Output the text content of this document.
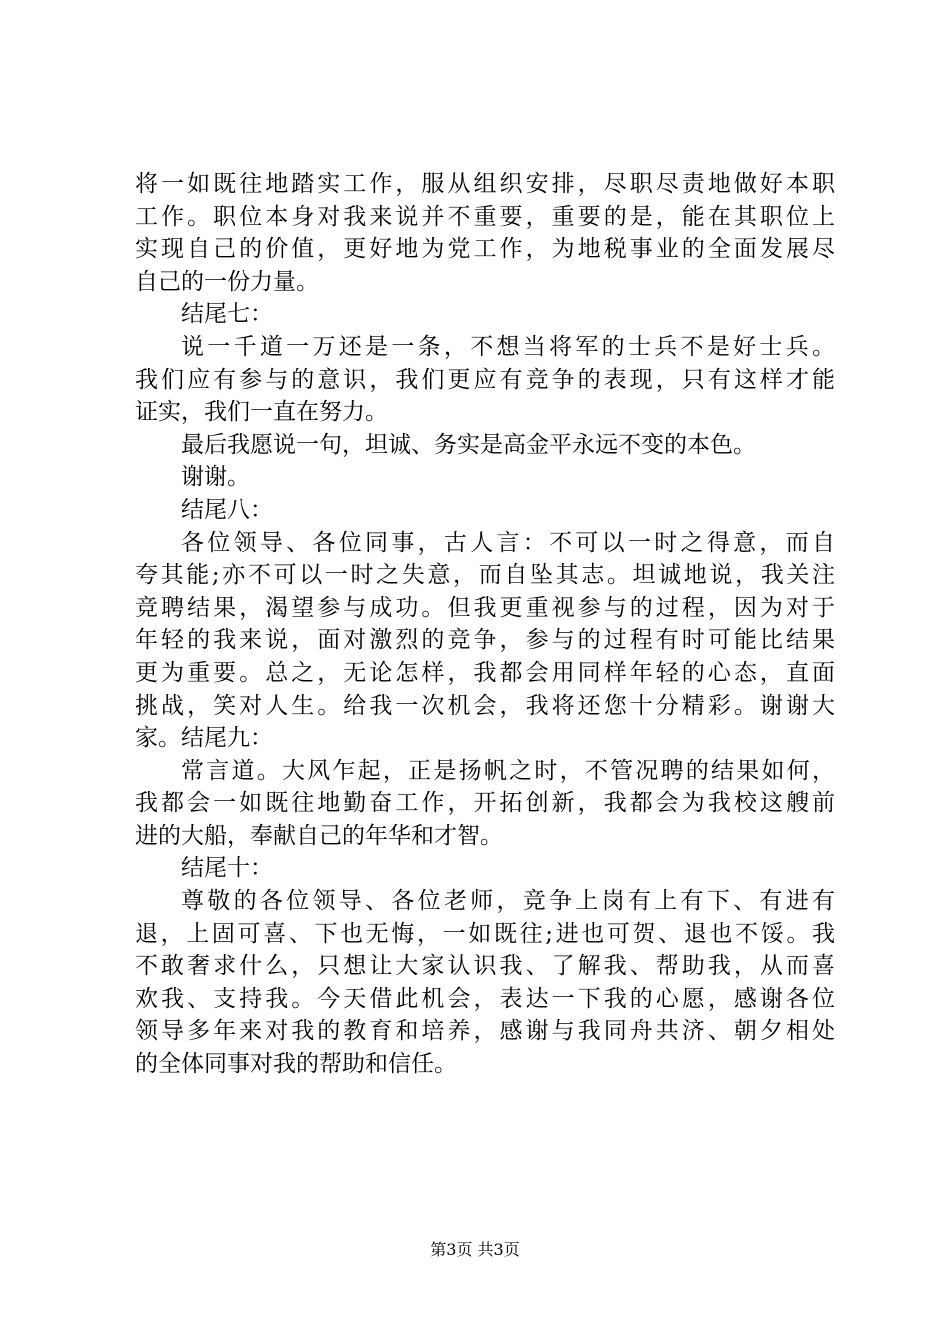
将一如既往地踏实工作，服从组织安排，尽职尽责地做好本职
工作。职位本身对我来说并不重要，重要的是，能在其职位上
实现自己的价值，更好地为党工作，为地税事业的全面发展尽
自己的一份力量。
结尾七：
说一千道一万还是一条，不想当将军的士兵不是好士兵。
我们应有参与的意识，我们更应有竞争的表现，只有这样才能
证实，我们一直在努力。
最后我愿说一句，坦诚、务实是高金平永远不变的本色。
谢谢。
结尾八：
各位领导、各位同事，古人言：不可以一时之得意，而自
夸其能;亦不可以一时之失意，而自坠其志。坦诚地说，我关注
竞聘结果，渴望参与成功。但我更重视参与的过程，因为对于
年轻的我来说，面对激烈的竞争，参与的过程有时可能比结果
更为重要。总之，无论怎样，我都会用同样年轻的心态，直面
挑战，笑对人生。给我一次机会，我将还您十分精彩。谢谢大
家。结尾九：
常言道。大风乍起，正是扬帆之时，不管况聘的结果如何，
我都会一如既往地勤奋工作，开拓创新，我都会为我校这艘前
进的大船，奉献自己的年华和才智。
结尾十：
尊敬的各位领导、各位老师，竞争上岗有上有下、有进有
退，上固可喜、下也无悔，一如既往;进也可贺、退也不馁。我
不敢奢求什么，只想让大家认识我、了解我、帮助我，从而喜
欢我、支持我。今天借此机会，表达一下我的心愿，感谢各位
领导多年来对我的教育和培养，感谢与我同舟共济、朝夕相处
的全体同事对我的帮助和信任。
第3页 共3页
